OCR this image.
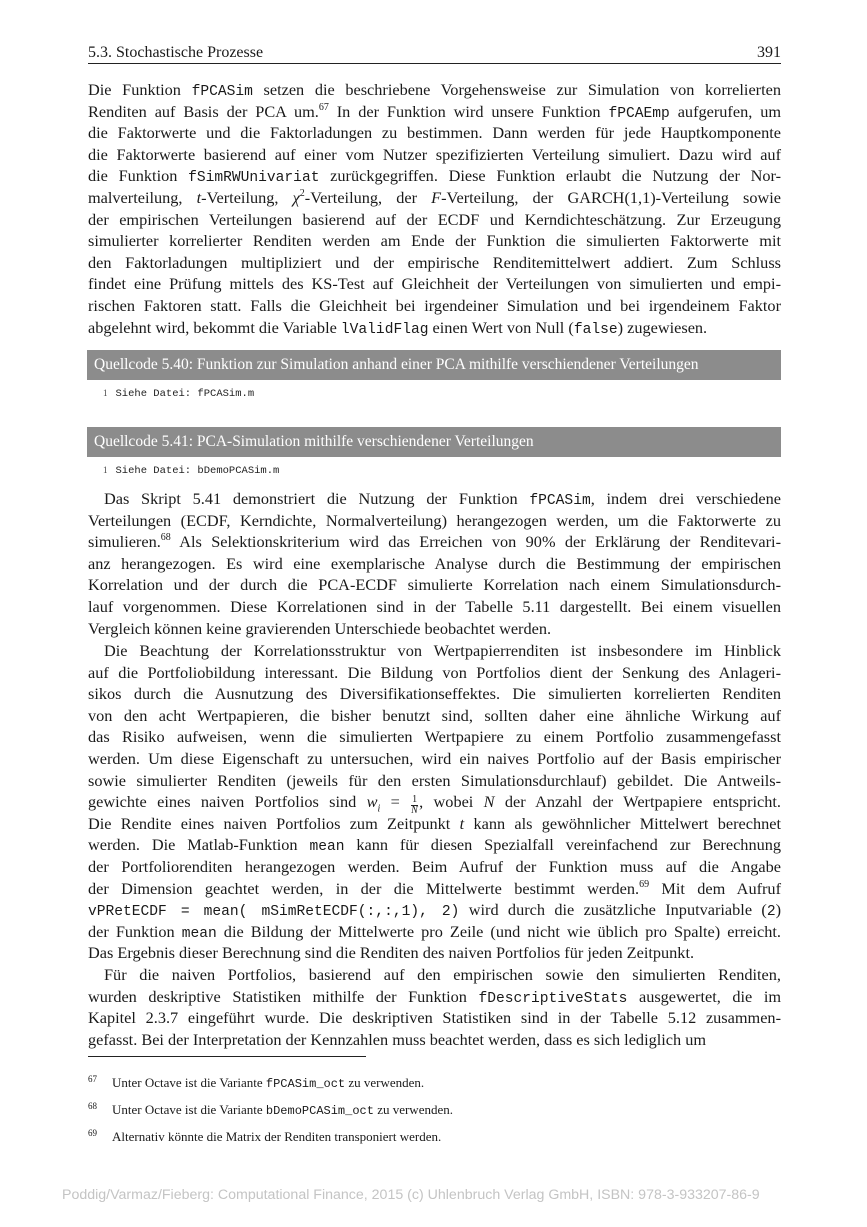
5.3. Stochastische Prozesse	391
Die Funktion fPCASim setzen die beschriebene Vorgehensweise zur Simulation von korrelierten
Renditen auf Basis der PCA um.$^{67}$ In der Funktion wird unsere Funktion fPCAEmp aufgerufen, um
die Faktorwerte und die Faktorladungen zu bestimmen. Dann werden für jede Hauptkomponente
die Faktorwerte basierend auf einer vom Nutzer spezifizierten Verteilung simuliert. Dazu wird auf
die Funktion fSimRWUnivariat zurückgegriffen. Diese Funktion erlaubt die Nutzung der Nor-
malverteilung, t-Verteilung, $\chi^2$-Verteilung, der F-Verteilung, der GARCH(1,1)-Verteilung sowie
der empirischen Verteilungen basierend auf der ECDF und Kerndichteschätzung. Zur Erzeugung
simulierter korrelierter Renditen werden am Ende der Funktion die simulierten Faktorwerte mit
den Faktorladungen multipliziert und der empirische Renditemittelwert addiert. Zum Schluss
findet eine Prüfung mittels des KS-Test auf Gleichheit der Verteilungen von simulierten und empi-
rischen Faktoren statt. Falls die Gleichheit bei irgendeiner Simulation und bei irgendeinem Faktor
abgelehnt wird, bekommt die Variable lValidFlag einen Wert von Null (false) zugewiesen.
Quellcode 5.40: Funktion zur Simulation anhand einer PCA mithilfe verschiendener Verteilungen
1 Siehe Datei: fPCASim.m
Quellcode 5.41: PCA-Simulation mithilfe verschiendener Verteilungen
1 Siehe Datei: bDemoPCASim.m
Das Skript 5.41 demonstriert die Nutzung der Funktion fPCASim, indem drei verschiedene
Verteilungen (ECDF, Kerndichte, Normalverteilung) herangezogen werden, um die Faktorwerte zu
simulieren.$^{68}$ Als Selektionskriterium wird das Erreichen von 90% der Erklärung der Renditevari-
anz herangezogen. Es wird eine exemplarische Analyse durch die Bestimmung der empirischen
Korrelation und der durch die PCA-ECDF simulierte Korrelation nach einem Simulationsdurch-
lauf vorgenommen. Diese Korrelationen sind in der Tabelle 5.11 dargestellt. Bei einem visuellen
Vergleich können keine gravierenden Unterschiede beobachtet werden.
Die Beachtung der Korrelationsstruktur von Wertpapierrenditen ist insbesondere im Hinblick
auf die Portfoliobildung interessant. Die Bildung von Portfolios dient der Senkung des Anlageri-
sikos durch die Ausnutzung des Diversifikationseffektes. Die simulierten korrelierten Renditen
von den acht Wertpapieren, die bisher benutzt sind, sollten daher eine ähnliche Wirkung auf
das Risiko aufweisen, wenn die simulierten Wertpapiere zu einem Portfolio zusammengefasst
werden. Um diese Eigenschaft zu untersuchen, wird ein naives Portfolio auf der Basis empirischer
sowie simulierter Renditen (jeweils für den ersten Simulationsdurchlauf) gebildet. Die Antweils-
gewichte eines naiven Portfolios sind $w_i = \frac{1}{N}$ , wobei N der Anzahl der Wertpapiere entspricht.
Die Rendite eines naiven Portfolios zum Zeitpunkt t kann als gewöhnlicher Mittelwert berechnet
werden. Die Matlab-Funktion mean kann für diesen Spezialfall vereinfachend zur Berechnung
der Portfoliorenditen herangezogen werden. Beim Aufruf der Funktion muss auf die Angabe
der Dimension geachtet werden, in der die Mittelwerte bestimmt werden.$^{69}$ Mit dem Aufruf
vPRetECDF = mean( mSimRetECDF(:,:,1), 2) wird durch die zusätzliche Inputvariable (2)
der Funktion mean die Bildung der Mittelwerte pro Zeile (und nicht wie üblich pro Spalte) erreicht.
Das Ergebnis dieser Berechnung sind die Renditen des naiven Portfolios für jeden Zeitpunkt.
Für die naiven Portfolios, basierend auf den empirischen sowie den simulierten Renditen,
wurden deskriptive Statistiken mithilfe der Funktion fDescriptiveStats ausgewertet, die im
Kapitel 2.3.7 eingeführt wurde. Die deskriptiven Statistiken sind in der Tabelle 5.12 zusammen-
gefasst. Bei der Interpretation der Kennzahlen muss beachtet werden, dass es sich lediglich um
67 Unter Octave ist die Variante fPCASim_oct zu verwenden.
68 Unter Octave ist die Variante bDemoPCASim_oct zu verwenden.
69 Alternativ könnte die Matrix der Renditen transponiert werden.
Poddig/Varmaz/Fieberg: Computational Finance, 2015 (c) Uhlenbruch Verlag GmbH, ISBN: 978-3-933207-86-9
